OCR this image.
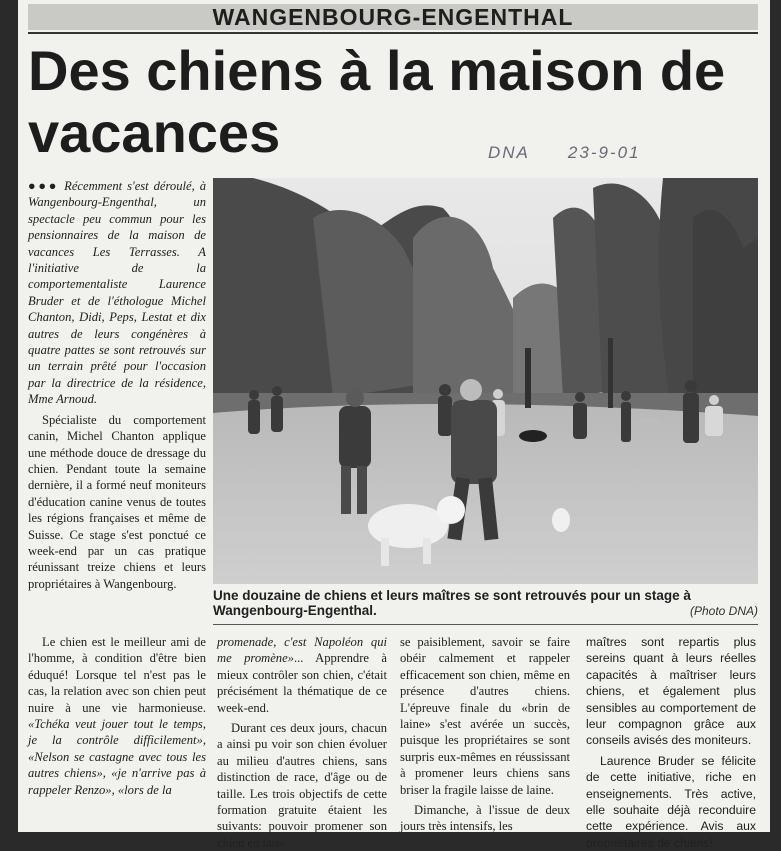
WANGENBOURG-ENGENTHAL
Des chiens à la maison de vacances	DNA 23-9-01

●●● Récemment s'est déroulé, à Wangenbourg-Engenthal, un spectacle peu commun pour les pensionnaires de la maison de vacances Les Terrasses. A l'initiative de la comportementaliste Laurence Bruder et de l'éthologue Michel Chanton, Didi, Peps, Lestat et dix autres de leurs congénères à quatre pattes se sont retrouvés sur un terrain prêté pour l'occasion par la directrice de la résidence, Mme Arnoud.

Spécialiste du comportement canin, Michel Chanton applique une méthode douce de dressage du chien. Pendant toute la semaine dernière, il a formé neuf moniteurs d'éducation canine venus de toutes les régions françaises et même de Suisse. Ce stage s'est ponctué ce week-end par un cas pratique réunissant treize chiens et leurs propriétaires à Wangenbourg.

Le chien est le meilleur ami de l'homme, à condition d'être bien éduqué! Lorsque tel n'est pas le cas, la relation avec son chien peut nuire à une vie harmonieuse. «Tchéka veut jouer tout le temps, je la contrôle difficilement», «Nelson se castagne avec tous les autres chiens», «je n'arrive pas à rappeler Renzo», «lors de la

promenade, c'est Napoléon qui me promène»... Apprendre à mieux contrôler son chien, c'était précisément la thématique de ce week-end.

Durant ces deux jours, chacun a ainsi pu voir son chien évoluer au milieu d'autres chiens, sans distinction de race, d'âge ou de taille. Les trois objectifs de cette formation gratuite étaient les suivants: pouvoir promener son chien en lais-

se paisiblement, savoir se faire obéir calmement et rappeler efficacement son chien, même en présence d'autres chiens. L'épreuve finale du «brin de laine» s'est avérée un succès, puisque les propriétaires se sont surpris eux-mêmes en réussissant à promener leurs chiens sans briser la fragile laisse de laine.

Dimanche, à l'issue de deux jours très intensifs, les

maîtres sont repartis plus sereins quant à leurs réelles capacités à maîtriser leurs chiens, et également plus sensibles au comportement de leur compagnon grâce aux conseils avisés des moniteurs.

Laurence Bruder se félicite de cette initiative, riche en enseignements. Très active, elle souhaite déjà reconduire cette expérience. Avis aux propriétaires de chiens!

Une douzaine de chiens et leurs maîtres se sont retrouvés pour un stage à Wangenbourg-Engenthal.	(Photo DNA)
